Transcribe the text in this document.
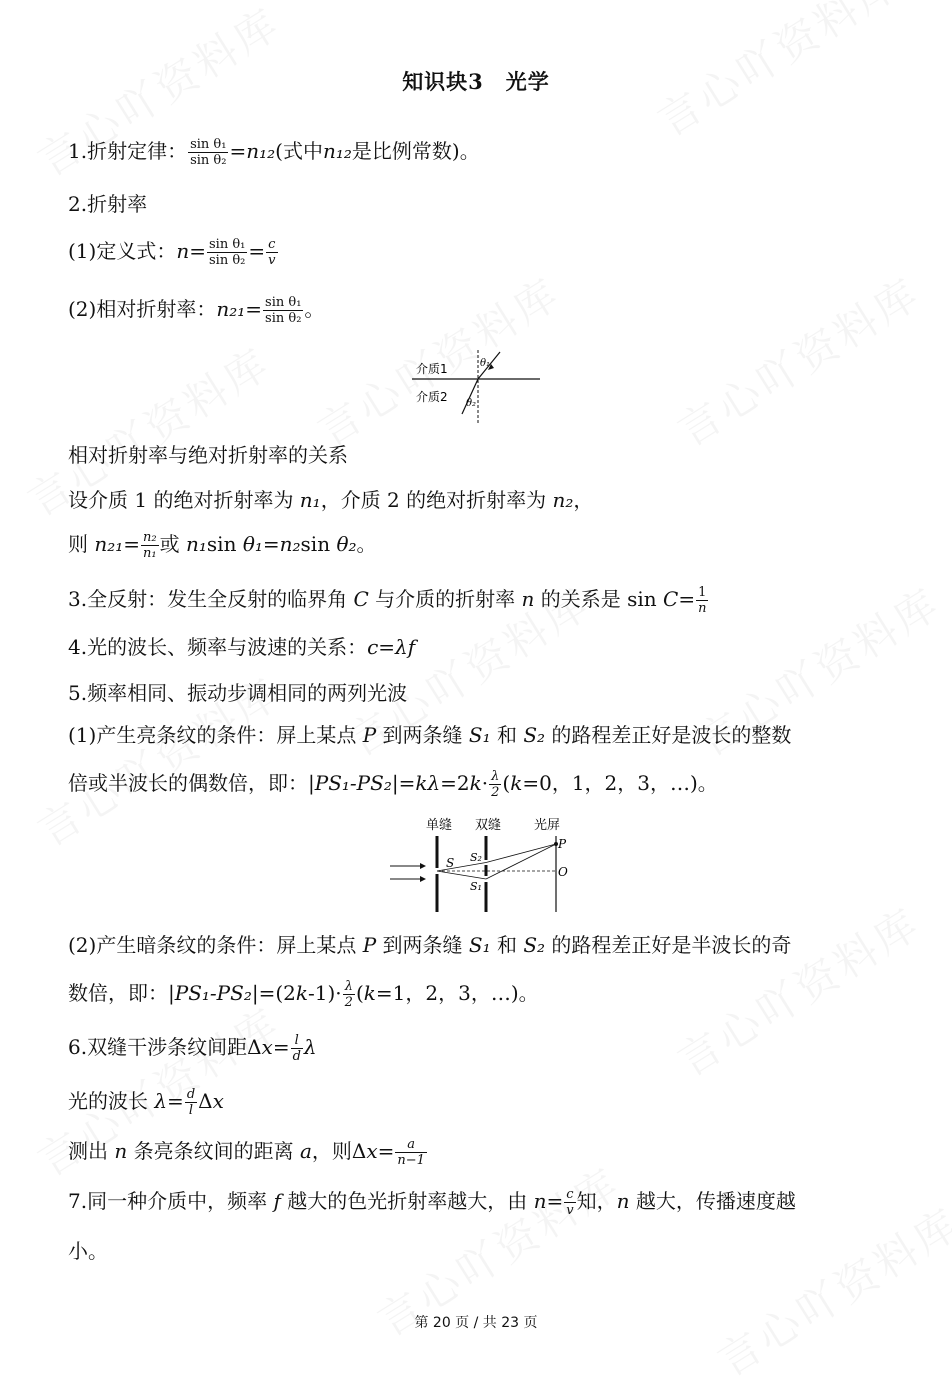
知识块3　光学
1.折射定律： $\frac{\text{sin θ₁}}{\text{sin θ₂}} =n_{12}$(式中n₁₂是比例常数)。
2.折射率
(1)定义式：$n= \frac{\text{sin θ₁}}{\text{sin θ₂}} = \frac{c}{v}$
(2)相对折射率：$n_{21}= \frac{\text{sin θ₁}}{\text{sin θ₂}}$ 。
介质1
介质2
θ₁
θ₂
相对折射率与绝对折射率的关系
设介质 1 的绝对折射率为 n₁，介质 2 的绝对折射率为 n₂，
则 $n_{21}= \frac{\text{n₂}}{\text{n₁}}$ 或 n₁sin θ₁=n₂sin θ₂。
3.全反射：发生全反射的临界角 C 与介质的折射率 n 的关系是 $\sin C= \frac{1}{n}$
4.光的波长、频率与波速的关系：c=λf
5.频率相同、振动步调相同的两列光波
(1)产生亮条纹的条件：屏上某点 P 到两条缝 S₁ 和 S₂ 的路程差正好是波长的整数
倍或半波长的偶数倍，即：$|PS_1-PS_2|=k\lambda=2k\cdot \frac{\lambda}{2} (k=0$，1，2，3，…)。
单缝 双缝	光屏
S S₂
S₁
P
O
(2)产生暗条纹的条件：屏上某点 P 到两条缝 S₁ 和 S₂ 的路程差正好是半波长的奇
数倍，即：$|PS_1-PS_2|=(2k-1)\cdot \frac{\lambda}{2} (k=1$，2，3，…)。
6.双缝干涉条纹间距$\Delta x= \frac{l}{d}$ λ
光的波长 $\lambda= \frac{d}{l}$ Δx
测出 n 条亮条纹间的距离 a，则$\Delta x= \frac{a}{n-1}$
7.同一种介质中，频率 f 越大的色光折射率越大，由 $n= \frac{c}{v}$ 知，n 越大，传播速度越
小。
第 20 页 / 共 23 页
